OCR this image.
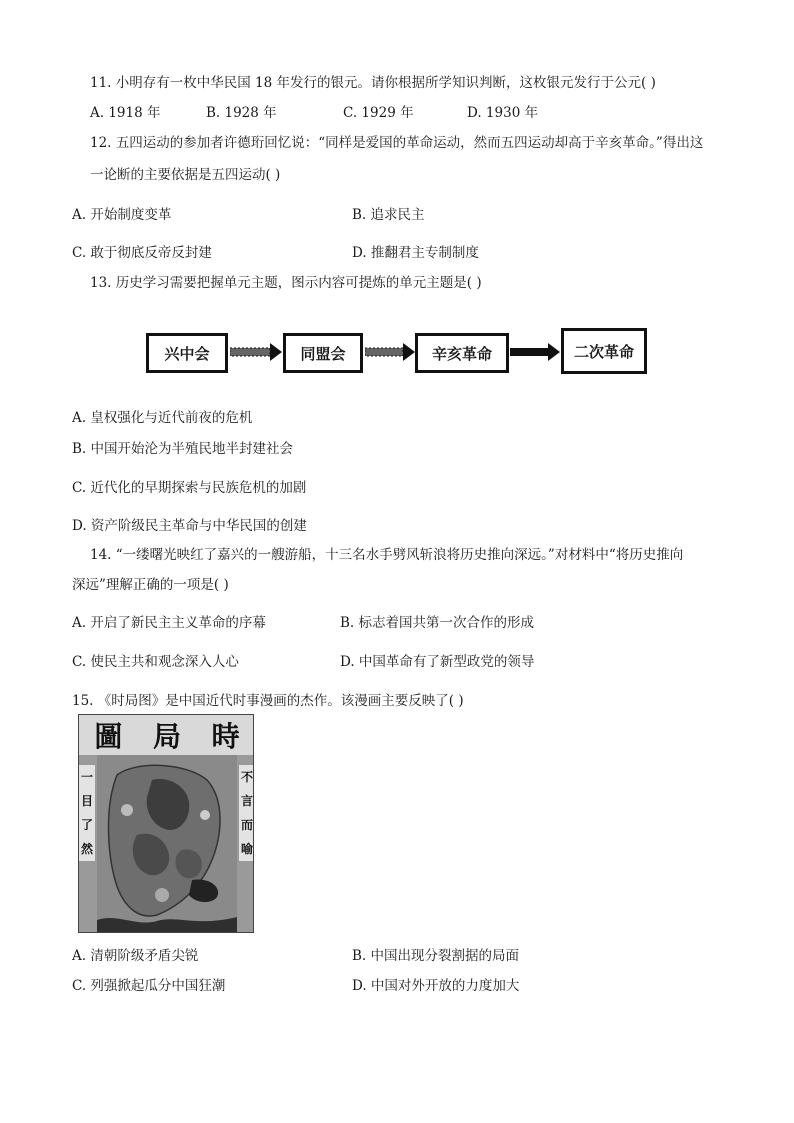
11. 小明存有一枚中华民国 18 年发行的银元。请你根据所学知识判断，这枚银元发行于公元( )
A. 1918 年	B. 1928 年	C. 1929 年	D. 1930 年
12. 五四运动的参加者许德珩回忆说：“同样是爱国的革命运动，然而五四运动却高于辛亥革命。”得出这
一论断的主要依据是五四运动( )
A. 开始制度变革	B. 追求民主
C. 敢于彻底反帝反封建	D. 推翻君主专制制度
13. 历史学习需要把握单元主题，图示内容可提炼的单元主题是( )
兴中会	同盟会	辛亥革命	二次革命
A. 皇权强化与近代前夜的危机
B. 中国开始沦为半殖民地半封建社会
C. 近代化的早期探索与民族危机的加剧
D. 资产阶级民主革命与中华民国的创建
14. “一缕曙光映红了嘉兴的一艘游船，十三名水手劈风斩浪将历史推向深远。”对材料中“将历史推向
深远”理解正确的一项是( )
A. 开启了新民主主义革命的序幕	B. 标志着国共第一次合作的形成
C. 使民主共和观念深入人心	D. 中国革命有了新型政党的领导
15. 《时局图》是中国近代时事漫画的杰作。该漫画主要反映了( )
圖 局 時
不
言
而
喻
一
目
了
然
A. 清朝阶级矛盾尖锐	B. 中国出现分裂割据的局面
C. 列强掀起瓜分中国狂潮	D. 中国对外开放的力度加大
